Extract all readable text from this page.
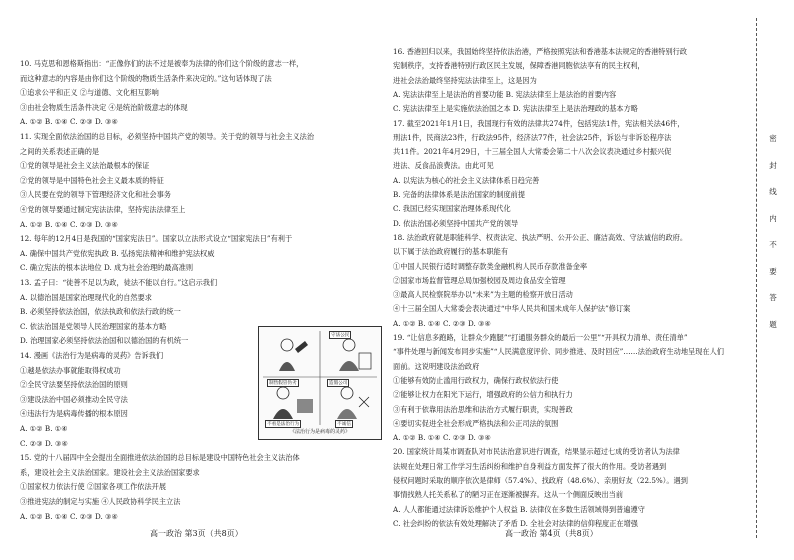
10. 马克思和恩格斯指出：“正像你们的法不过是被奉为法律的你们这个阶级的意志一样，
而这种意志的内容是由你们这个阶级的物质生活条件来决定的。”这句话体现了法
①追求公平和正义 ②与道德、文化相互影响
③由社会物质生活条件决定 ④是统治阶级意志的体现
A. ①② B. ①④ C. ②③ D. ③④
11. 实现全面依法治国的总目标，必须坚持中国共产党的领导。关于党的领导与社会主义法治
之间的关系表述正确的是
①党的领导是社会主义法治最根本的保证
②党的领导是中国特色社会主义最本质的特征
③人民要在党的领导下管理经济文化和社会事务
④党的领导要通过制定宪法法律，坚持宪法法律至上
A. ①② B. ①④ C. ②③ D. ③④
12. 每年的12月4日是我国的“国家宪法日”。国家以立法形式设立“国家宪法日”有利于
A. 确保中国共产党依宪执政 B. 弘扬宪法精神和维护宪法权威
C. 确立宪法的根本法地位 D. 成为社会治理的最高准则
13. 孟子曰：“徒善不足以为政，徒法不能以自行。”这启示我们
A. 以德治国是国家治理现代化的自然要求
B. 必须坚持依法治国，依法执政和依法行政的统一
C. 依法治国是党领导人民治理国家的基本方略
D. 治理国家必须坚持依法治国和以德治国的有机统一
14. 漫画《法治行为是病毒的灵药》告诉我们
①越是依法办事就能取得权成功
②全民守法要坚持依法治国的原则
③建设法治中国必须推动全民守法
④违法行为是病毒传播的根本原因
A. ①② B. ①④
C. ②③ D. ③④
15. 党的十八届四中全会提出全面推进依法治国的总目标是建设中国特色社会主义法治体
系，建设社会主义法治国家。建设社会主义法治国家要求
①国家权力依法行使 ②国家各项工作依法开展
③推进宪法的制定与实施 ④人民政协科学民主立法
A. ①② B. ①④ C. ②③ D. ③④
16. 香港回归以来，我国始终坚持依法治港，严格按照宪法和香港基本法规定的香港特别行政
宪制秩序，支持香港特别行政区民主发展，保障香港同胞依法享有的民主权利，
进社会法治最终坚持宪法法律至上，这是因为
A. 宪法法律至上是法治的首要功能 B. 宪法法律至上是法治的首要内容
C. 宪法法律至上是实施依法治国之本 D. 宪法法律至上是法治理政的基本方略
17. 截至2021年1月1日，我国现行有效的法律共274件，包括宪法1件，宪法相关法46件，
刑法1件，民商法23件，行政法95件，经济法77件，社会法25件，诉讼与非诉讼程序法
共11件。2021年4月29日，十三届全国人大常委会第二十八次会议表决通过乡村振兴促
进法、反食品浪费法。由此可见
A. 以宪法为核心的社会主义法律体系日趋完善
B. 完备的法律体系是法治国家的制度前提
C. 我国已经实现国家治理体系现代化
D. 依法治国必须坚持中国共产党的领导
18. 法治政府就是职能科学、权责法定、执法严明、公开公正、廉洁高效、守法诚信的政府。
以下属于法治政府履行的基本职能有
①中国人民银行适时调整存款类金融机构人民币存款准备金率
②国家市场监督管理总局加强校园及周边食品安全管理
③最高人民检察院举办以“未来”为主题的检察开放日活动
④十三届全国人大常委会表决通过“中华人民共和国未成年人保护法”修订案
A. ①② B. ①④ C. ②③ D. ③④
19. “让信息多跑路，让群众少跑腿”“打通服务群众的最后一公里”“开具权力清单、责任清单”
“事件处理与新闻发布同步实施”“人民满意度评价、同步推进、及时回应”……法治政府生动地呈现在人们
面前。这说明建设法治政府
①能够有效防止滥用行政权力，确保行政权依法行使
②能够让权力在阳光下运行，增强政府的公信力和执行力
③有利于依靠用法治思维和法治方式履行职责，实现善政
④要切实促进全社会形成严格执法和公正司法的氛围
A. ①② B. ①④ C. ②③ D. ③④
20. 国家统计局某市调查队对市民法治意识进行调查，结果显示超过七成的受访者认为法律
法规在处理日常工作学习生活纠纷和维护自身利益方面发挥了很大的作用。受访者遇到
侵权问题时采取的顺序依次是律师（57.4%）、找政府（48.6%）、亲朋好友（22.5%）。遇到
事情找熟人托关系私了的陋习正在逐渐被摒弃。这从一个侧面反映出当前
A. 人人都能通过法律诉讼维护个人权益 B. 法律仪在多数生活领域得到普遍遵守
C. 社会纠纷的依法有效处理解决了矛盾 D. 全社会对法律的信仰程度正在增强
守法公民
制售假冒伪劣	造假公司
不看是法治行为	不诚信
《法治行为是病毒的灵药》
高一政治 第3页（共8页）	高一政治 第4页（共8页）
密
封
线
内
不
要
答
题
